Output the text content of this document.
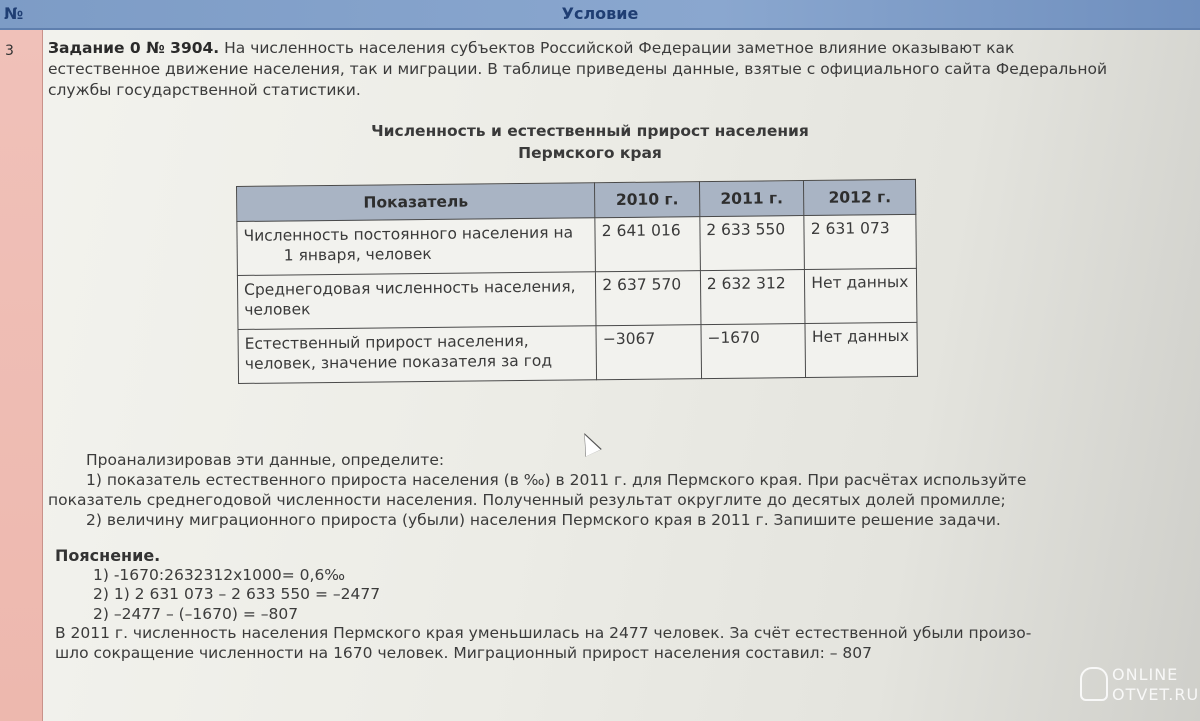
№	Условие
3 Задание 0 № 3904. На численность населения субъектов Российской Федерации заметное влияние оказывают как естественное движение населения, так и миграции. В таблице приведены данные, взятые с официального сайта Федеральной службы государственной статистики.
Численность и естественный прирост населения
Пермского края
Показатель	2010 г.	2011 г.	2012 г.

Численность постоянного населения на
1 января, человек	2 641 016	2 633 550	2 631 073

Среднегодовая численность населения,
человек	2 637 570	2 632 312	Нет данных

Естественный прирост населения,
человек, значение показателя за год	−3067	−1670	Нет данных

Проанализировав эти данные, определите:

1) показатель естественного прироста населения (в ‰) в 2011 г. для Пермского края. При расчётах используйте

показатель среднегодовой численности населения. Полученный результат округлите до десятых долей промилле;

2) величину миграционного прироста (убыли) населения Пермского края в 2011 г. Запишите решение задачи.

Пояснение.

1) -1670:2632312x1000= 0,6‰

2) 1) 2 631 073 – 2 633 550 = –2477

2) –2477 – (–1670) = –807

В 2011 г. численность населения Пермского края уменьшилась на 2477 человек. За счёт естественной убыли произо-

шло сокращение численности на 1670 человек. Миграционный прирост населения составил: – 807

ONLINE
OTVET.RU
